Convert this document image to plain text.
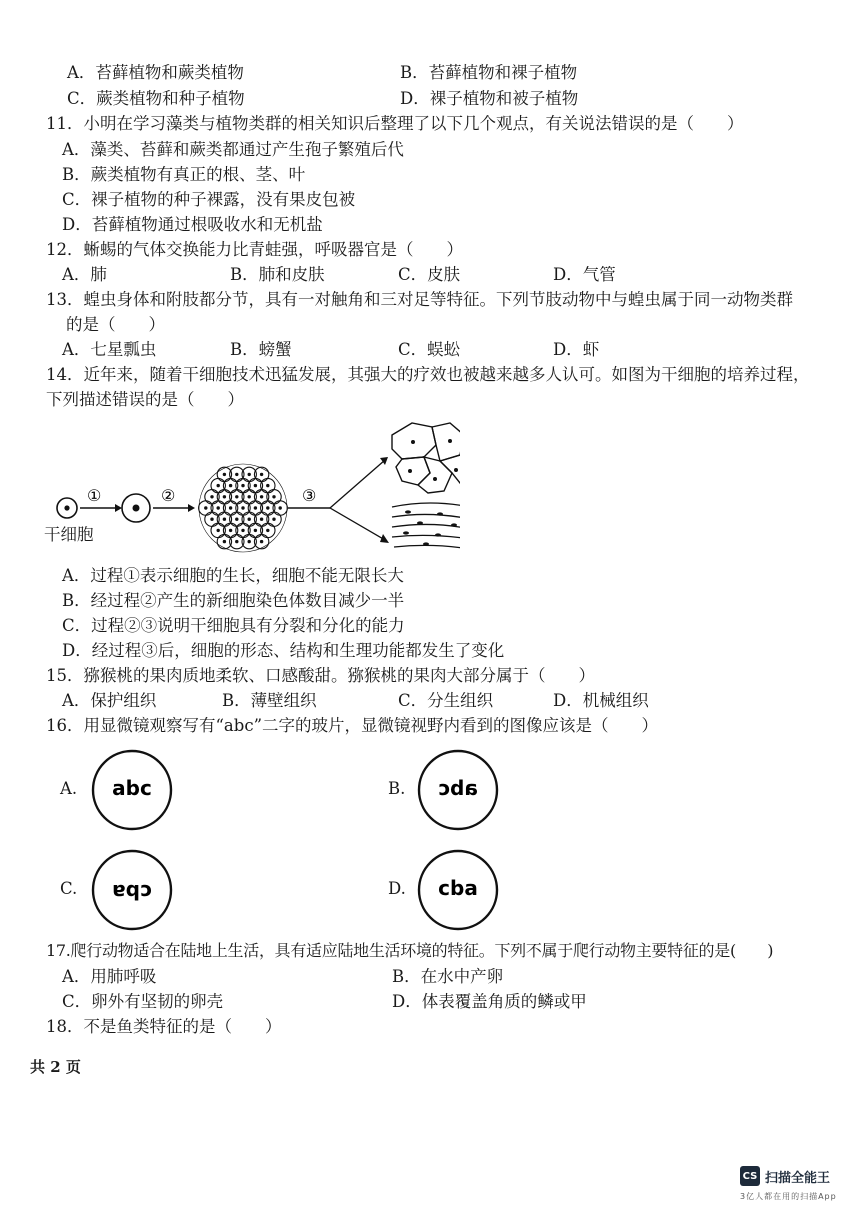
A．苔藓植物和蕨类植物	B．苔藓植物和裸子植物
C．蕨类植物和种子植物	D．裸子植物和被子植物
11．小明在学习藻类与植物类群的相关知识后整理了以下几个观点，有关说法错误的是（　　）
A．藻类、苔藓和蕨类都通过产生孢子繁殖后代
B．蕨类植物有真正的根、茎、叶
C．裸子植物的种子裸露，没有果皮包被
D．苔藓植物通过根吸收水和无机盐
12．蜥蜴的气体交换能力比青蛙强，呼吸器官是（　　）
A．肺	B．肺和皮肤	C．皮肤	D．气管
13．蝗虫身体和附肢都分节，具有一对触角和三对足等特征。下列节肢动物中与蝗虫属于同一动物类群
的是（　　）
A．七星瓢虫	B．螃蟹	C．蜈蚣	D．虾
14．近年来，随着干细胞技术迅猛发展，其强大的疗效也被越来越多人认可。如图为干细胞的培养过程，
下列描述错误的是（　　）
①	②	③
干细胞
A．过程①表示细胞的生长，细胞不能无限长大
B．经过程②产生的新细胞染色体数目减少一半
C．过程②③说明干细胞具有分裂和分化的能力
D．经过程③后，细胞的形态、结构和生理功能都发生了变化
15．猕猴桃的果肉质地柔软、口感酸甜。猕猴桃的果肉大部分属于（　　）
A．保护组织	B．薄壁组织	C．分生组织	D．机械组织
16．用显微镜观察写有“abc”二字的玻片，显微镜视野内看到的图像应该是（　　）
A. abc	B. abc
C. cba	D. cba
17.爬行动物适合在陆地上生活，具有适应陆地生活环境的特征。下列不属于爬行动物主要特征的是(　　)
A．用肺呼吸	B．在水中产卵
C．卵外有坚韧的卵壳	D．体表覆盖角质的鳞或甲
18．不是鱼类特征的是（　　）
共 2 页
CS 扫描全能王
3亿人都在用的扫描App
